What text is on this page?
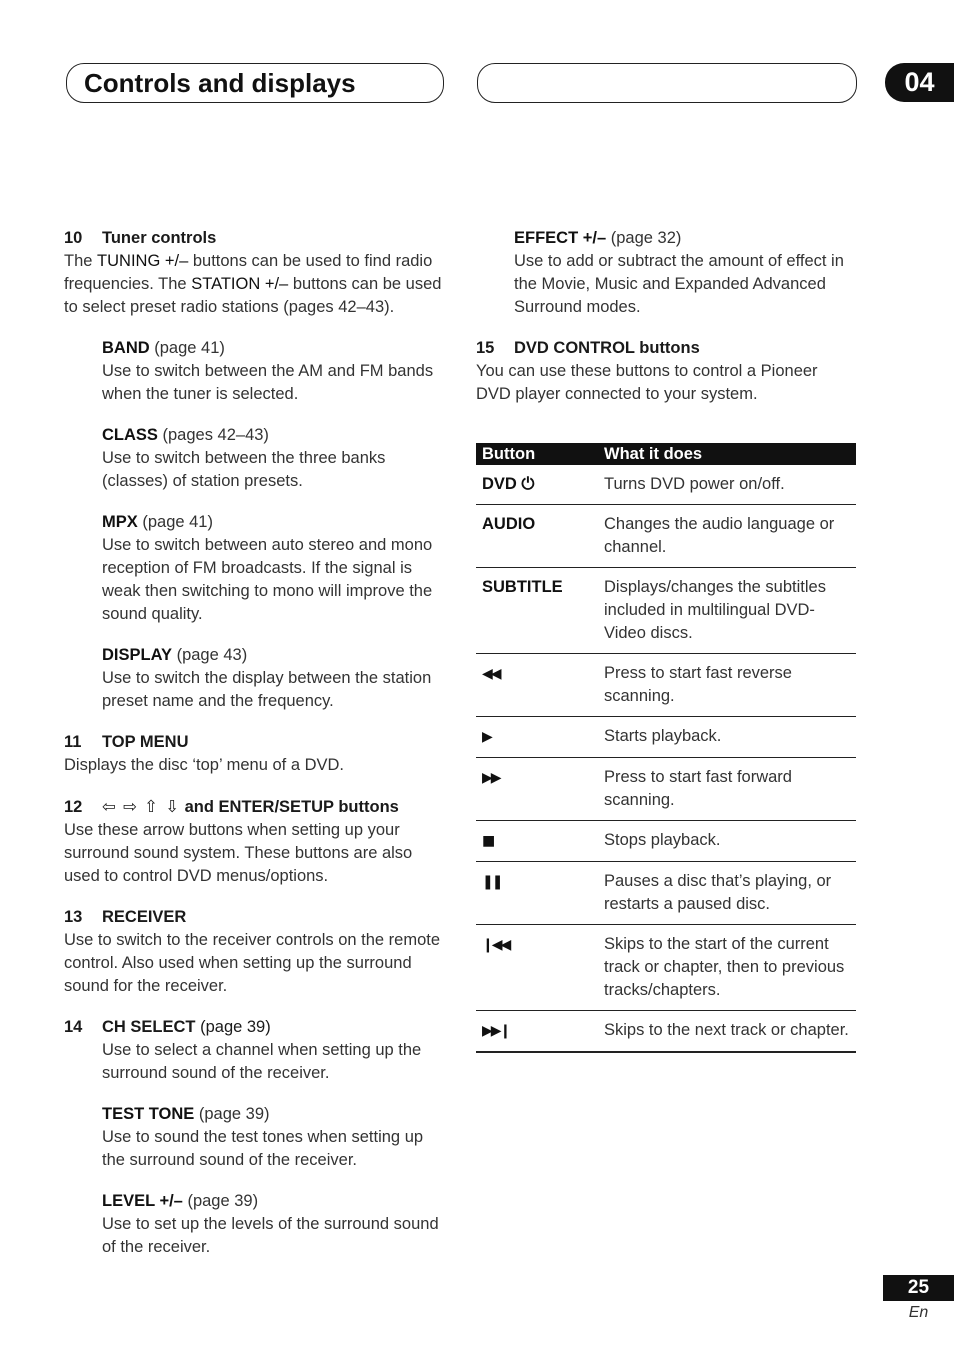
Controls and displays	04
10 Tuner controls
The TUNING +/– buttons can be used to find radio frequencies. The STATION +/– buttons can be used to select preset radio stations (pages 42–43).
BAND (page 41)
Use to switch between the AM and FM bands when the tuner is selected.
CLASS (pages 42–43)
Use to switch between the three banks (classes) of station presets.
MPX (page 41)
Use to switch between auto stereo and mono reception of FM broadcasts. If the signal is weak then switching to mono will improve the sound quality.
DISPLAY (page 43)
Use to switch the display between the station preset name and the frequency.
11 TOP MENU
Displays the disc ‘top’ menu of a DVD.
12 ⇦ ⇨ ⇧ ⇩ and ENTER/SETUP buttons
Use these arrow buttons when setting up your surround sound system. These buttons are also used to control DVD menus/options.
13 RECEIVER
Use to switch to the receiver controls on the remote control. Also used when setting up the surround sound for the receiver.
14 CH SELECT (page 39)
Use to select a channel when setting up the surround sound of the receiver.
TEST TONE (page 39)
Use to sound the test tones when setting up the surround sound of the receiver.
LEVEL +/– (page 39)
Use to set up the levels of the surround sound of the receiver.
EFFECT +/– (page 32)
Use to add or subtract the amount of effect in the Movie, Music and Expanded Advanced Surround modes.
15 DVD CONTROL buttons
You can use these buttons to control a Pioneer DVD player connected to your system.
Button	What it does
DVD ⏻	Turns DVD power on/off.
AUDIO	Changes the audio language or channel.
SUBTITLE	Displays/changes the subtitles included in multilingual DVD-Video discs.
◀◀	Press to start fast reverse scanning.
▶	Starts playback.
▶▶	Press to start fast forward scanning.
■	Stops playback.
❚❚	Pauses a disc that’s playing, or restarts a paused disc.
❙◀◀	Skips to the start of the current track or chapter, then to previous tracks/chapters.
▶▶❙	Skips to the next track or chapter.
25
En
